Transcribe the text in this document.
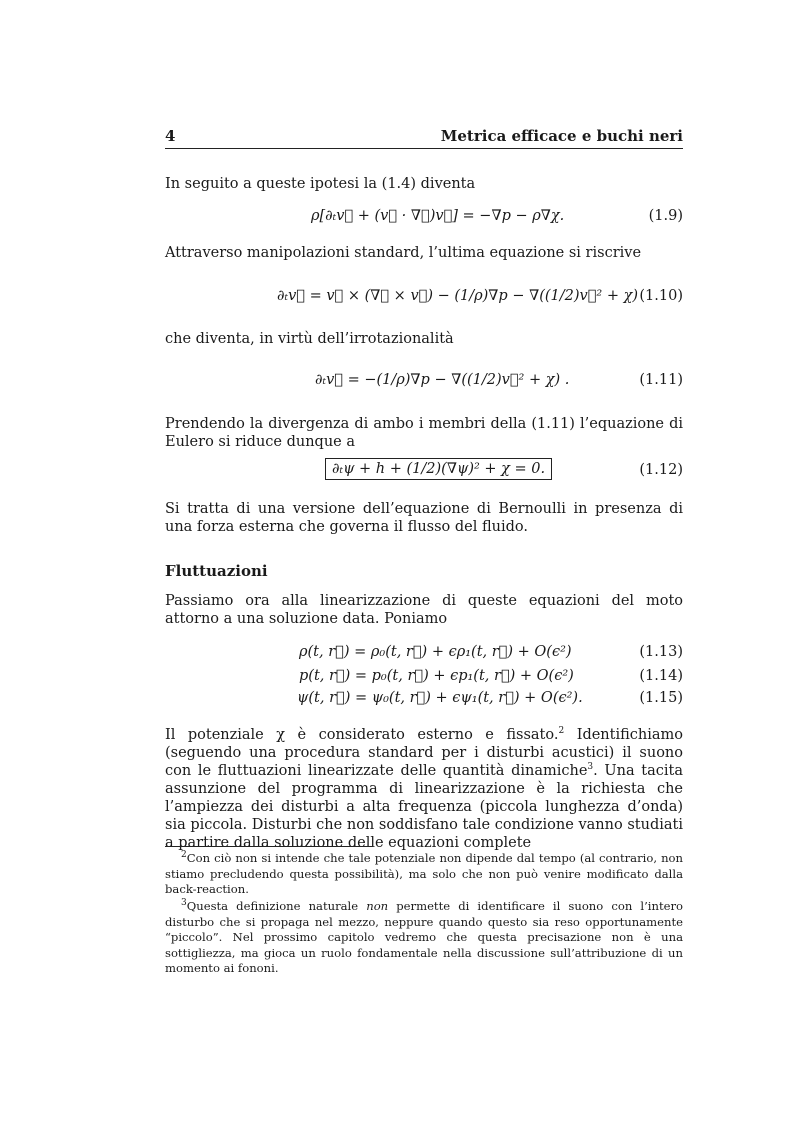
4	Metrica efficace e buchi neri
In seguito a queste ipotesi la (1.4) diventa
ρ[∂ₜv⃗ + (v⃗ · ∇⃗)v⃗] = −∇p − ρ∇χ.	(1.9)
Attraverso manipolazioni standard, l’ultima equazione si riscrive
∂ₜv⃗ = v⃗ × (∇⃗ × v⃗) − (1/ρ)∇p − ∇((1/2)v⃗² + χ) (1.10)
che diventa, in virtù dell’irrotazionalità
∂ₜv⃗ = −(1/ρ)∇p − ∇((1/2)v⃗² + χ) .	(1.11)
Prendendo la divergenza di ambo i membri della (1.11) l’equazione di Eulero si riduce dunque a
∂ₜψ + h + (1/2)(∇ψ)² + χ = 0.	(1.12)
Si tratta di una versione dell’equazione di Bernoulli in presenza di una forza esterna che governa il flusso del fluido.
Fluttuazioni
Passiamo ora alla linearizzazione di queste equazioni del moto attorno a una soluzione data. Poniamo
ρ(t, r⃗) = ρ₀(t, r⃗) + ϵρ₁(t, r⃗) + O(ϵ²)	(1.13)
p(t, r⃗) = p₀(t, r⃗) + ϵp₁(t, r⃗) + O(ϵ²)	(1.14)
ψ(t, r⃗) = ψ₀(t, r⃗) + ϵψ₁(t, r⃗) + O(ϵ²).	(1.15)
Il potenziale χ è considerato esterno e fissato.$^2$ Identifichiamo (seguendo una procedura standard per i disturbi acustici) il suono con le fluttuazioni linearizzate delle quantità dinamiche$^3$. Una tacita assunzione del programma di linearizzazione è la richiesta che l’ampiezza dei disturbi a alta frequenza (piccola lunghezza d’onda) sia piccola. Disturbi che non soddisfano tale condizione vanno studiati a partire dalla soluzione delle equazioni complete
$^2$Con ciò non si intende che tale potenziale non dipende dal tempo (al contrario, non stiamo precludendo questa possibilità), ma solo che non può venire modificato dalla back-reaction.
$^3$Questa definizione naturale non permette di identificare il suono con l’intero disturbo che si propaga nel mezzo, neppure quando questo sia reso opportunamente “piccolo”. Nel prossimo capitolo vedremo che questa precisazione non è una sottigliezza, ma gioca un ruolo fondamentale nella discussione sull’attribuzione di un momento ai fononi.
